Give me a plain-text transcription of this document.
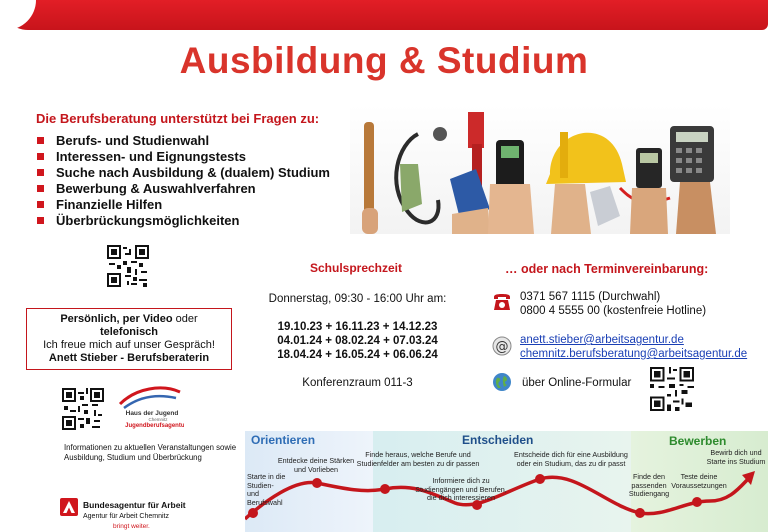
Ausbildung & Studium
Die Berufsberatung unterstützt bei Fragen zu:
Berufs- und Studienwahl
Interessen- und Eignungstests
Suche nach Ausbildung & (dualem) Studium
Bewerbung & Auswahlverfahren
Finanzielle Hilfen
Überbrückungsmöglichkeiten
Persönlich, per Video oder
telefonisch
Ich freue mich auf unser Gespräch!
Anett Stieber - Berufsberaterin
Schulsprechzeit
Donnerstag, 09:30 - 16:00 Uhr am:
19.10.23 + 16.11.23 + 14.12.23
04.01.24 + 08.02.24 + 07.03.24
18.04.24 + 16.05.24 + 06.06.24
Konferenzraum 011-3
… oder nach Terminvereinbarung:
0371 567 1115 (Durchwahl)
0800 4 5555 00 (kostenfreie Hotline)
@ anett.stieber@arbeitsagentur.de
chemnitz.berufsberatung@arbeitsagentur.de
über Online-Formular
Haus der Jugend
Chemnitz
Jugendberufsagentur
Informationen zu aktuellen Veranstaltungen sowie Ausbildung, Studium und Überbrückung
Bundesagentur für Arbeit
Agentur für Arbeit Chemnitz
bringt weiter.
Orientieren	Entscheiden	Bewerben
Starte in die Studien- und Berufswahl
Entdecke deine Stärken und Vorlieben
Finde heraus, welche Berufe und Studienfelder am besten zu dir passen
Informiere dich zu Studiengängen und Berufen, die dich interessieren
Entscheide dich für eine Ausbildung oder ein Studium, das zu dir passt
Finde den passenden Studiengang
Teste deine Voraussetzungen
Bewirb dich und Starte ins Studium
